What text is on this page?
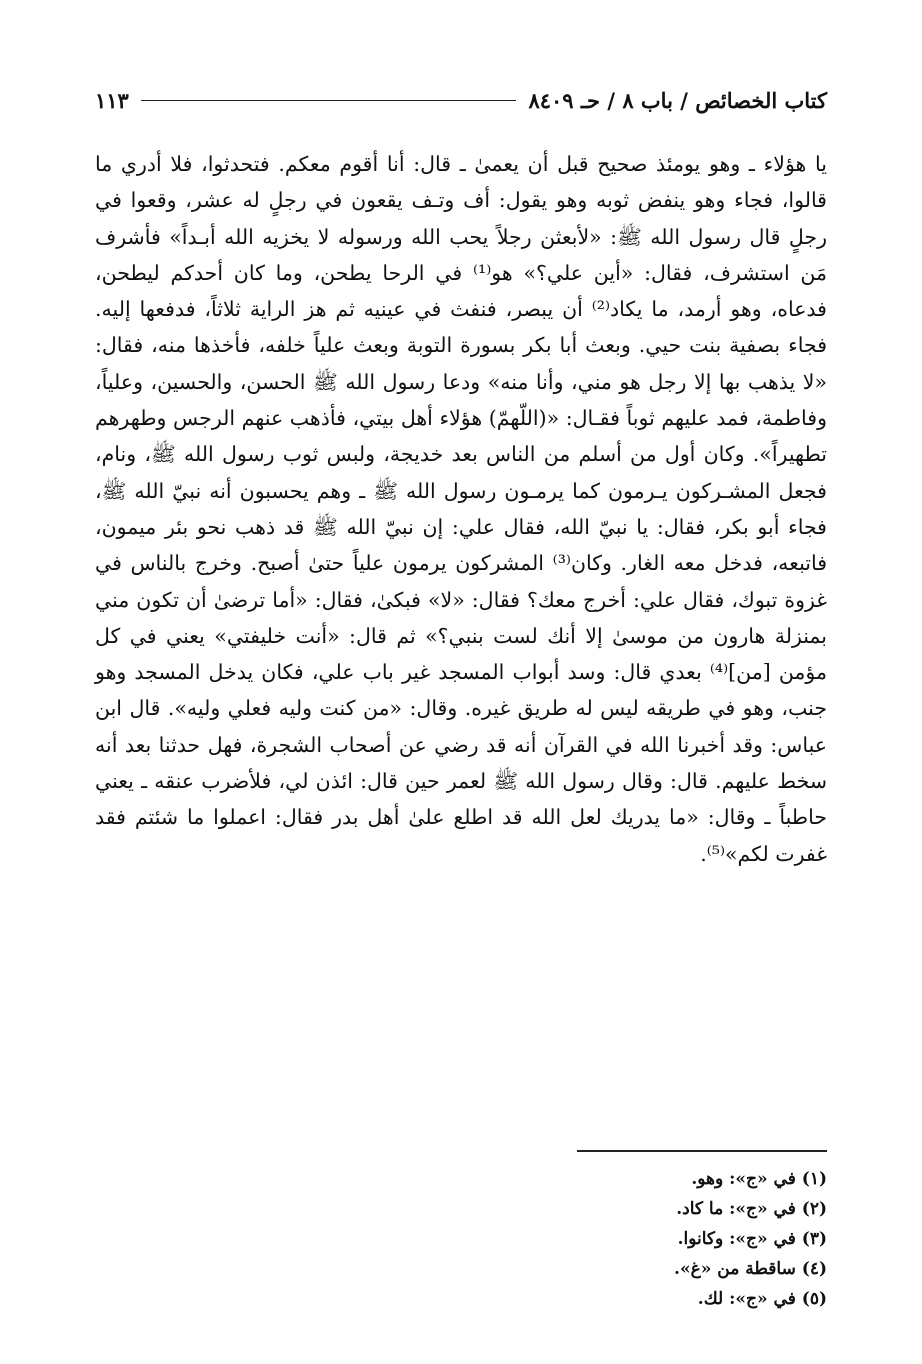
كتاب الخصائص / باب ٨ / حـ ٨٤٠٩
١١٣

يا هؤلاء ـ وهو يومئذ صحيح قبل أن يعمىٰ ـ قال: أنا أقوم معكم. فتحدثوا، فلا أدري ما قالوا، فجاء وهو ينفض ثوبه وهو يقول: أف وتـف يقعون في رجلٍ له عشر، وقعوا في رجلٍ قال رسول الله ﷺ: «لأبعثن رجلاً يحب الله ورسوله لا يخزيه الله أبـداً» فأشرف مَن استشرف، فقال: «أين علي؟» هو⁽¹⁾ في الرحا يطحن، وما كان أحدكم ليطحن، فدعاه، وهو أرمد، ما يكاد⁽²⁾ أن يبصر، فنفث في عينيه ثم هز الراية ثلاثاً، فدفعها إليه. فجاء بصفية بنت حيي. وبعث أبا بكر بسورة التوبة وبعث علياً خلفه، فأخذها منه، فقال: «لا يذهب بها إلا رجل هو مني، وأنا منه» ودعا رسول الله ﷺ الحسن، والحسين، وعلياً، وفاطمة، فمد عليهم ثوباً فقـال: «(اللّهمّ) هؤلاء أهل بيتي، فأذهب عنهم الرجس وطهرهم تطهيراً». وكان أول من أسلم من الناس بعد خديجة، ولبس ثوب رسول الله ﷺ، ونام، فجعل المشـركون يـرمون كما يرمـون رسول الله ﷺ ـ وهم يحسبون أنه نبيّ الله ﷺ، فجاء أبو بكر، فقال: يا نبيّ الله، فقال علي: إن نبيّ الله ﷺ قد ذهب نحو بئر ميمون، فاتبعه، فدخل معه الغار. وكان⁽³⁾ المشركون يرمون علياً حتىٰ أصبح. وخرج بالناس في غزوة تبوك، فقال علي: أخرج معك؟ فقال: «لا» فبكىٰ، فقال: «أما ترضىٰ أن تكون مني بمنزلة هارون من موسىٰ إلا أنك لست بنبي؟» ثم قال: «أنت خليفتي» يعني في كل مؤمن [من]⁽⁴⁾ بعدي قال: وسد أبواب المسجد غير باب علي، فكان يدخل المسجد وهو جنب، وهو في طريقه ليس له طريق غيره. وقال: «من كنت وليه فعلي وليه». قال ابن عباس: وقد أخبرنا الله في القرآن أنه قد رضي عن أصحاب الشجرة، فهل حدثنا بعد أنه سخط عليهم. قال: وقال رسول الله ﷺ لعمر حين قال: ائذن لي، فلأضرب عنقه ـ يعني حاطباً ـ وقال: «ما يدريك لعل الله قد اطلع علىٰ أهل بدر فقال: اعملوا ما شئتم فقد غفرت لكم»⁽⁵⁾.

(١) في «ج»: وهو.
(٢) في «ج»: ما كاد.
(٣) في «ج»: وكانوا.
(٤) ساقطة من «غ».
(٥) في «ج»: لك.
